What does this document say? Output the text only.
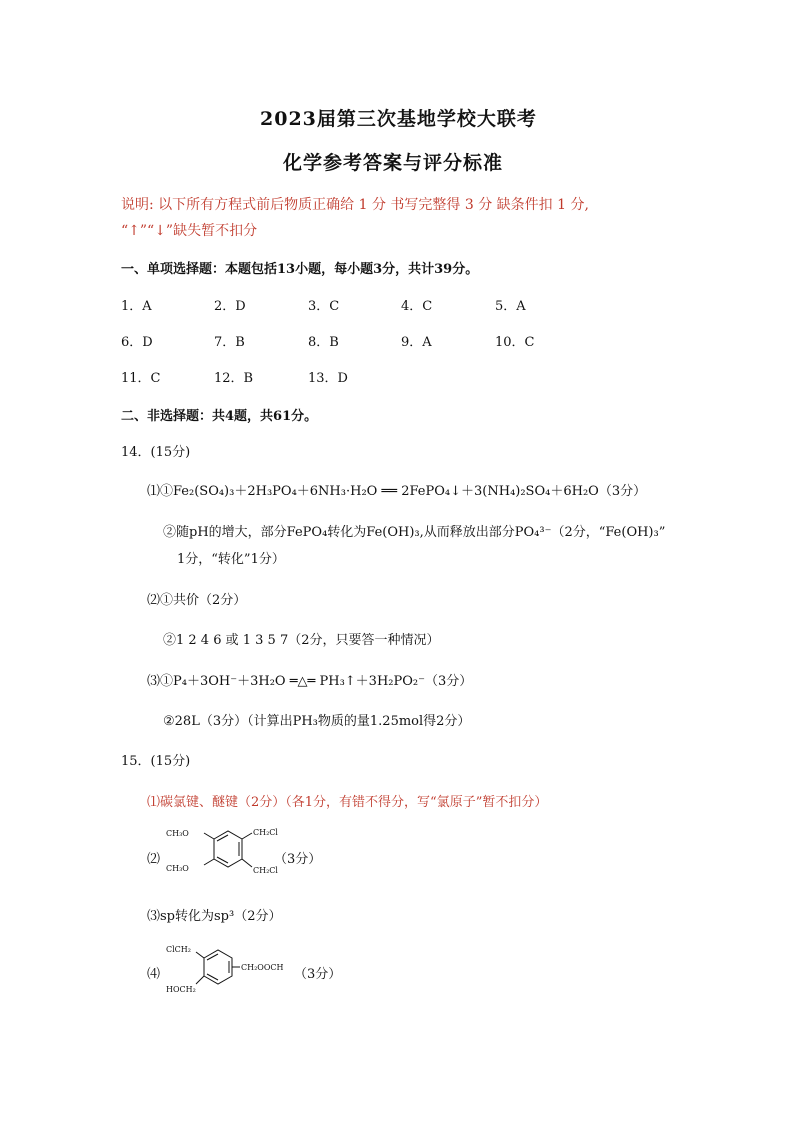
2023届第三次基地学校大联考
化学参考答案与评分标准
说明: 以下所有方程式前后物质正确给 1 分 书写完整得 3 分 缺条件扣 1 分,
“↑”“↓”缺失暂不扣分
一、单项选择题：本题包括13小题，每小题3分，共计39分。
1．A	2．D	3．C	4．C	5．A
6．D	7．B	8．B	9．A	10．C
11．C	12．B	13．D
二、非选择题：共4题，共61分。
14．(15分)
⑴①Fe₂(SO₄)₃＋2H₃PO₄＋6NH₃·H₂O ══ 2FePO₄↓＋3(NH₄)₂SO₄＋6H₂O（3分）
②随pH的增大，部分FePO₄转化为Fe(OH)₃,从而释放出部分PO₄³⁻（2分，“Fe(OH)₃”
1分，“转化”1分）
⑵①共价（2分）
②1 2 4 6 或 1 3 5 7（2分，只要答一种情况）
⑶①P₄＋3OH⁻＋3H₂O ═△═ PH₃↑＋3H₂PO₂⁻（3分）
②28L（3分）（计算出PH₃物质的量1.25mol得2分）
15．(15分)
⑴碳氯键、醚键（2分）（各1分，有错不得分，写“氯原子”暂不扣分）
⑵
CH₃O
CH₃O
CH₂Cl
CH₂Cl
（3分）
⑶sp转化为sp³（2分）
⑷
ClCH₂
HOCH₂
CH₂OOCH （3分）
